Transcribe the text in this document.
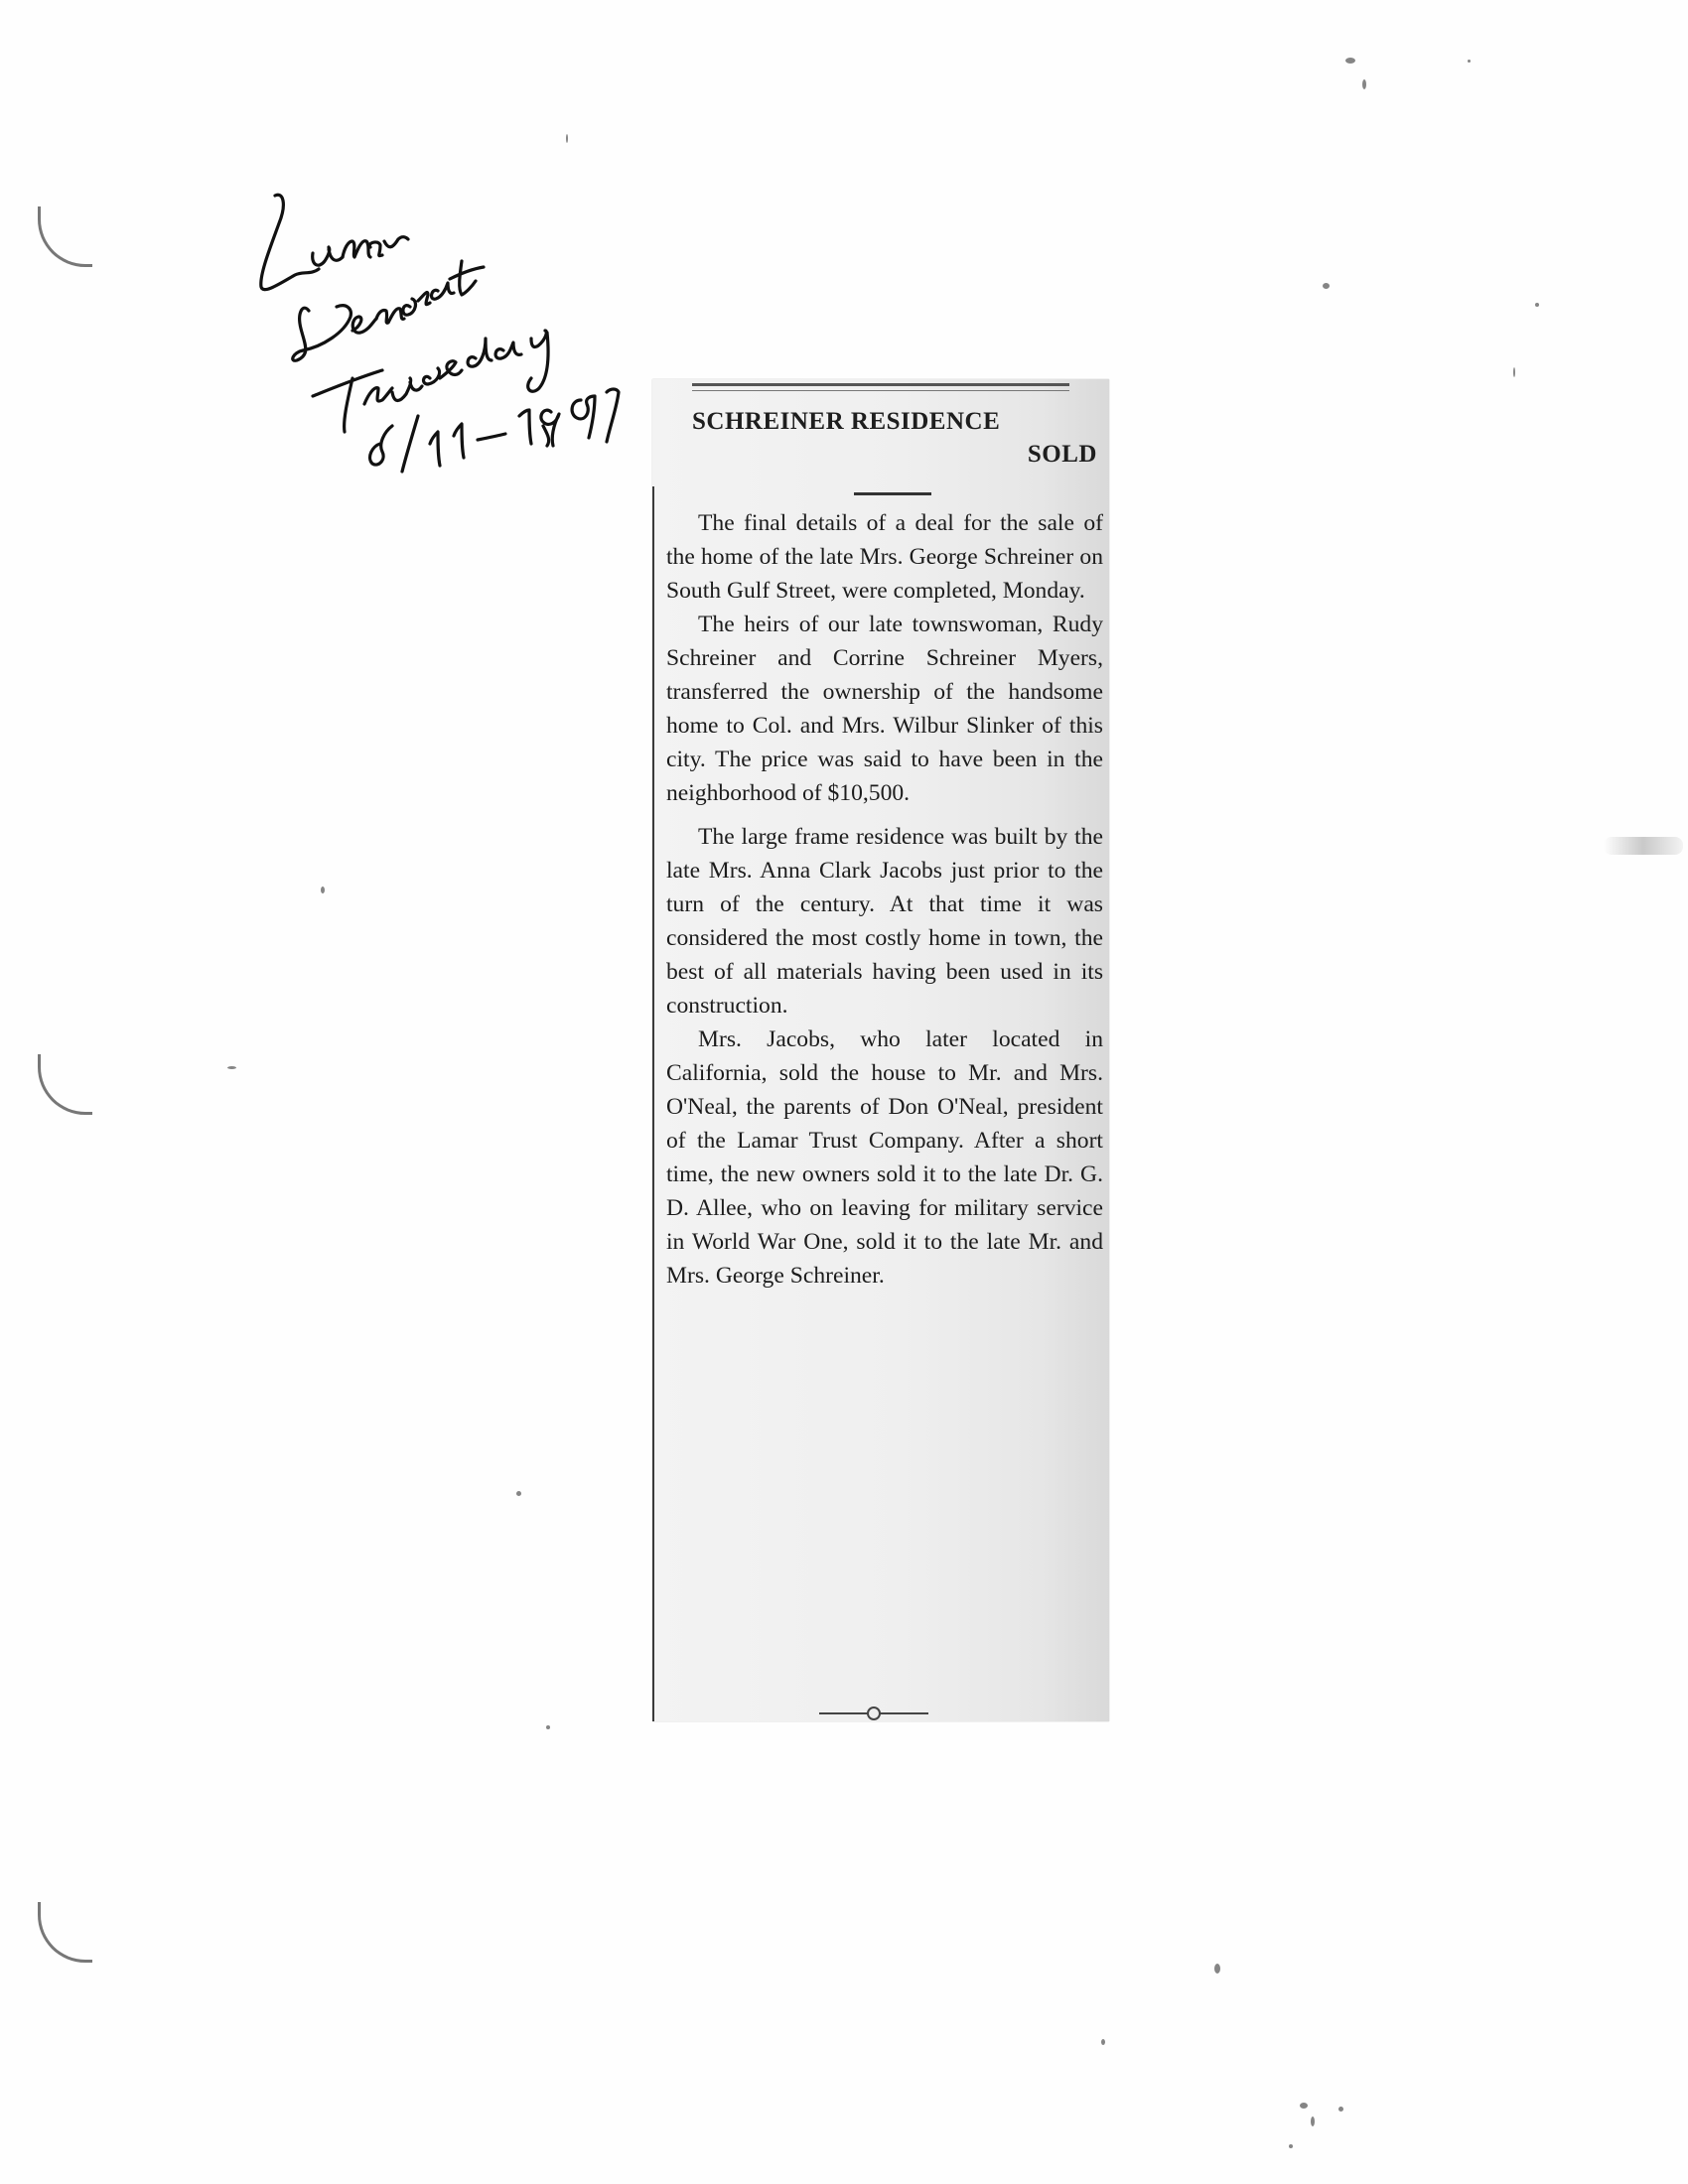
SCHREINER RESIDENCE
SOLD

The final details of a deal for the sale of the home of the late Mrs. George Schreiner on South Gulf Street, were completed, Monday.

The heirs of our late townswoman, Rudy Schreiner and Corrine Schreiner Myers, transferred the ownership of the handsome home to Col. and Mrs. Wilbur Slinker of this city. The price was said to have been in the neighborhood of $10,500.

The large frame residence was built by the late Mrs. Anna Clark Jacobs just prior to the turn of the century. At that time it was considered the most costly home in town, the best of all materials having been used in its construction.

Mrs. Jacobs, who later located in California, sold the house to Mr. and Mrs. O'Neal, the parents of Don O'Neal, president of the Lamar Trust Company. After a short time, the new owners sold it to the late Dr. G. D. Allee, who on leaving for military service in World War One, sold it to the late Mr. and Mrs. George Schreiner.
